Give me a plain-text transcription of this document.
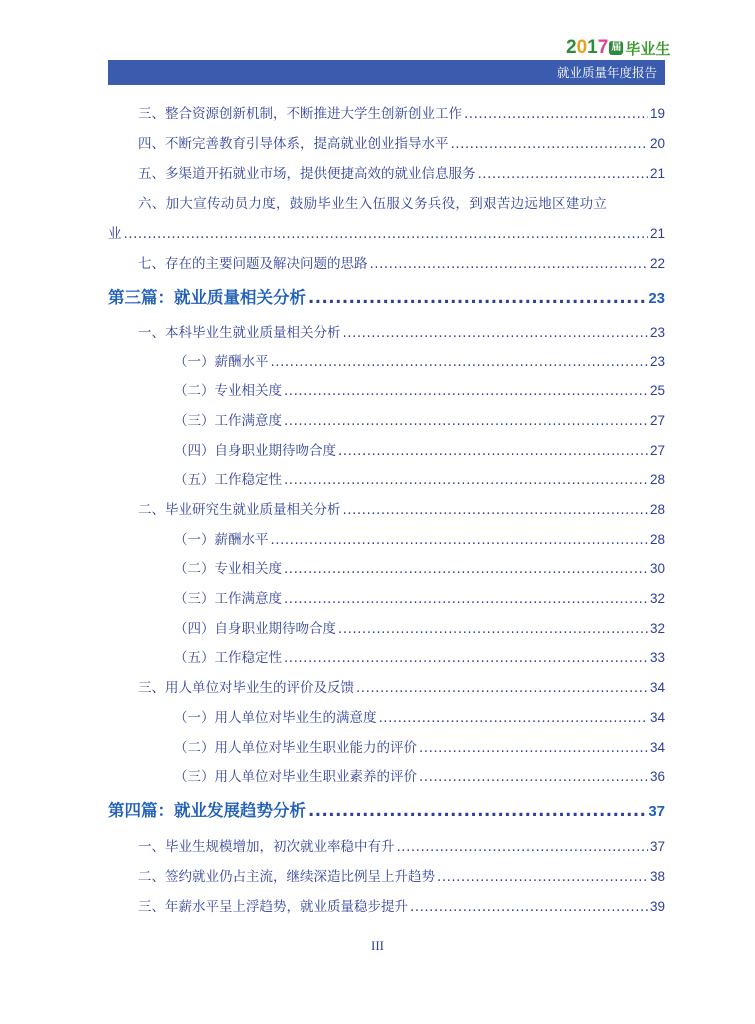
2 0 1 7 届 毕业生
就业质量年度报告
三、整合资源创新机制，不断推进大学生创新创业工作 .....	19
四、不断完善教育引导体系，提高就业创业指导水平 .....	20
五、多渠道开拓就业市场，提供便捷高效的就业信息服务 .....	21
六、加大宣传动员力度，鼓励毕业生入伍服义务兵役，到艰苦边远地区建功立
业 .....	21
七、存在的主要问题及解决问题的思路 .....	22
第三篇：就业质量相关分析 .....	23
一、本科毕业生就业质量相关分析 .....	23
（一）薪酬水平 .....	23
（二）专业相关度 .....	25
（三）工作满意度 .....	27
（四）自身职业期待吻合度 .....	27
（五）工作稳定性 .....	28
二、毕业研究生就业质量相关分析 .....	28
（一）薪酬水平 .....	28
（二）专业相关度 .....	30
（三）工作满意度 .....	32
（四）自身职业期待吻合度 .....	32
（五）工作稳定性 .....	33
三、用人单位对毕业生的评价及反馈 .....	34
（一）用人单位对毕业生的满意度 .....	34
（二）用人单位对毕业生职业能力的评价 .....	34
（三）用人单位对毕业生职业素养的评价 .....	36
第四篇：就业发展趋势分析 .....	37
一、毕业生规模增加，初次就业率稳中有升 .....	37
二、签约就业仍占主流，继续深造比例呈上升趋势 .....	38
三、年薪水平呈上浮趋势，就业质量稳步提升 .....	39
III
